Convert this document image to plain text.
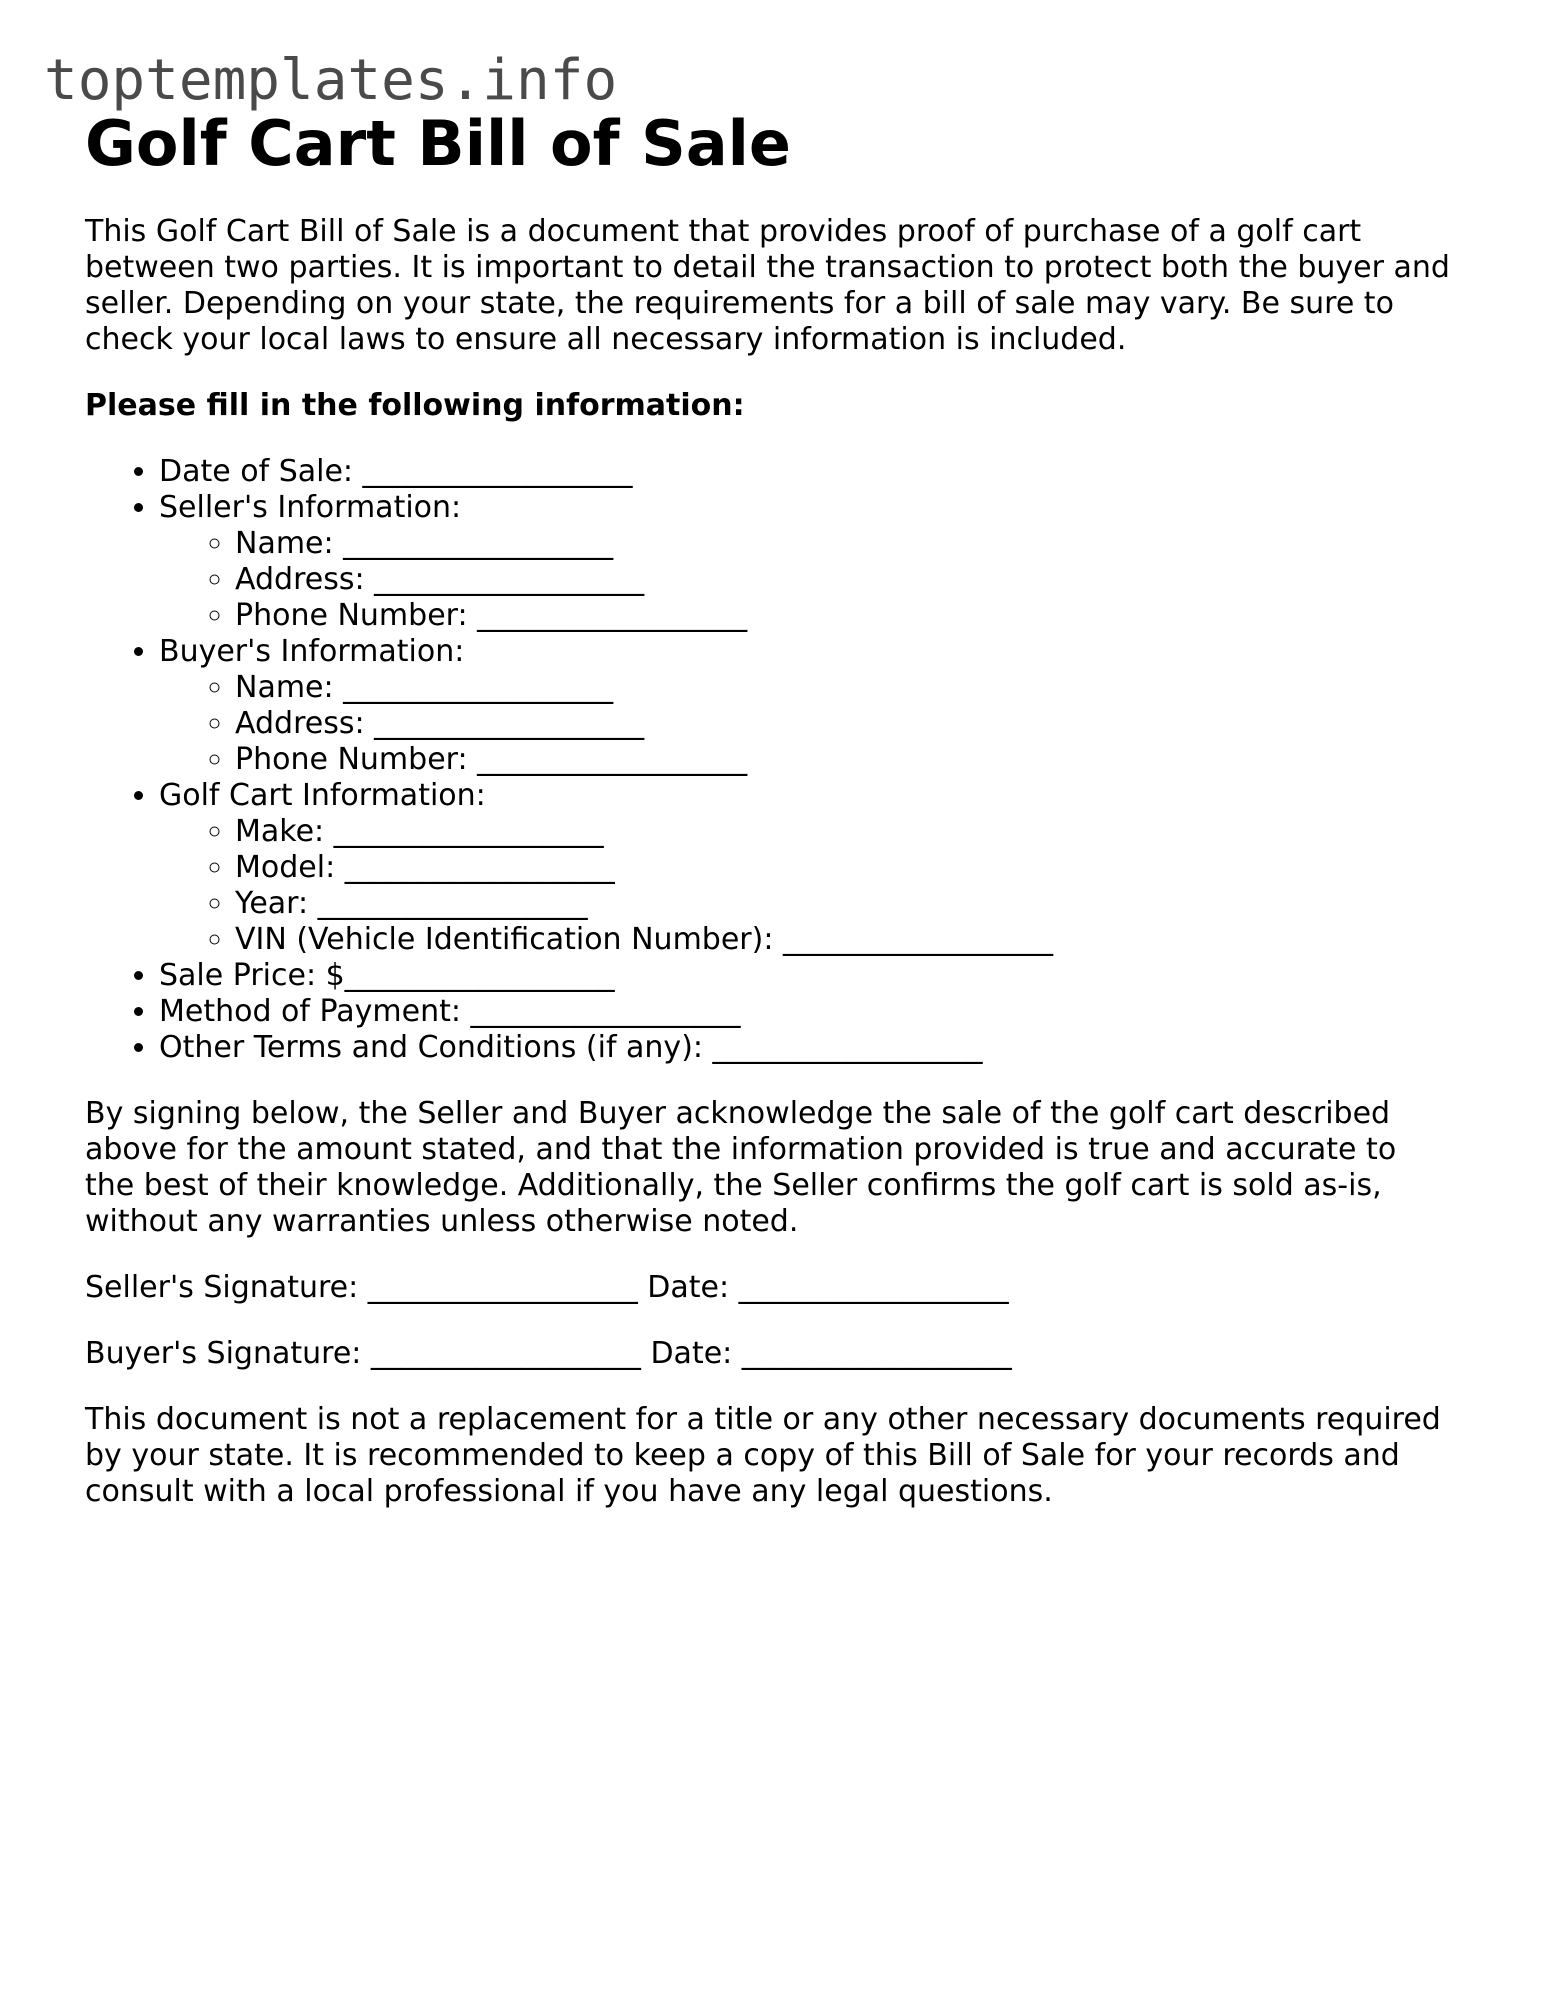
toptemplates.info
Golf Cart Bill of Sale

This Golf Cart Bill of Sale is a document that provides proof of purchase of a golf cart between two parties. It is important to detail the transaction to protect both the buyer and seller. Depending on your state, the requirements for a bill of sale may vary. Be sure to check your local laws to ensure all necessary information is included.

Please fill in the following information:

• Date of Sale: __________________
• Seller's Information:
◦ Name: __________________
◦ Address: __________________
◦ Phone Number: __________________
• Buyer's Information:
◦ Name: __________________
◦ Address: __________________
◦ Phone Number: __________________
• Golf Cart Information:
◦ Make: __________________
◦ Model: __________________
◦ Year: __________________
◦ VIN (Vehicle Identification Number): __________________
• Sale Price: $__________________
• Method of Payment: __________________
• Other Terms and Conditions (if any): __________________

By signing below, the Seller and Buyer acknowledge the sale of the golf cart described above for the amount stated, and that the information provided is true and accurate to the best of their knowledge. Additionally, the Seller confirms the golf cart is sold as-is, without any warranties unless otherwise noted.

Seller's Signature: __________________ Date: __________________

Buyer's Signature: __________________ Date: __________________

This document is not a replacement for a title or any other necessary documents required by your state. It is recommended to keep a copy of this Bill of Sale for your records and consult with a local professional if you have any legal questions.
